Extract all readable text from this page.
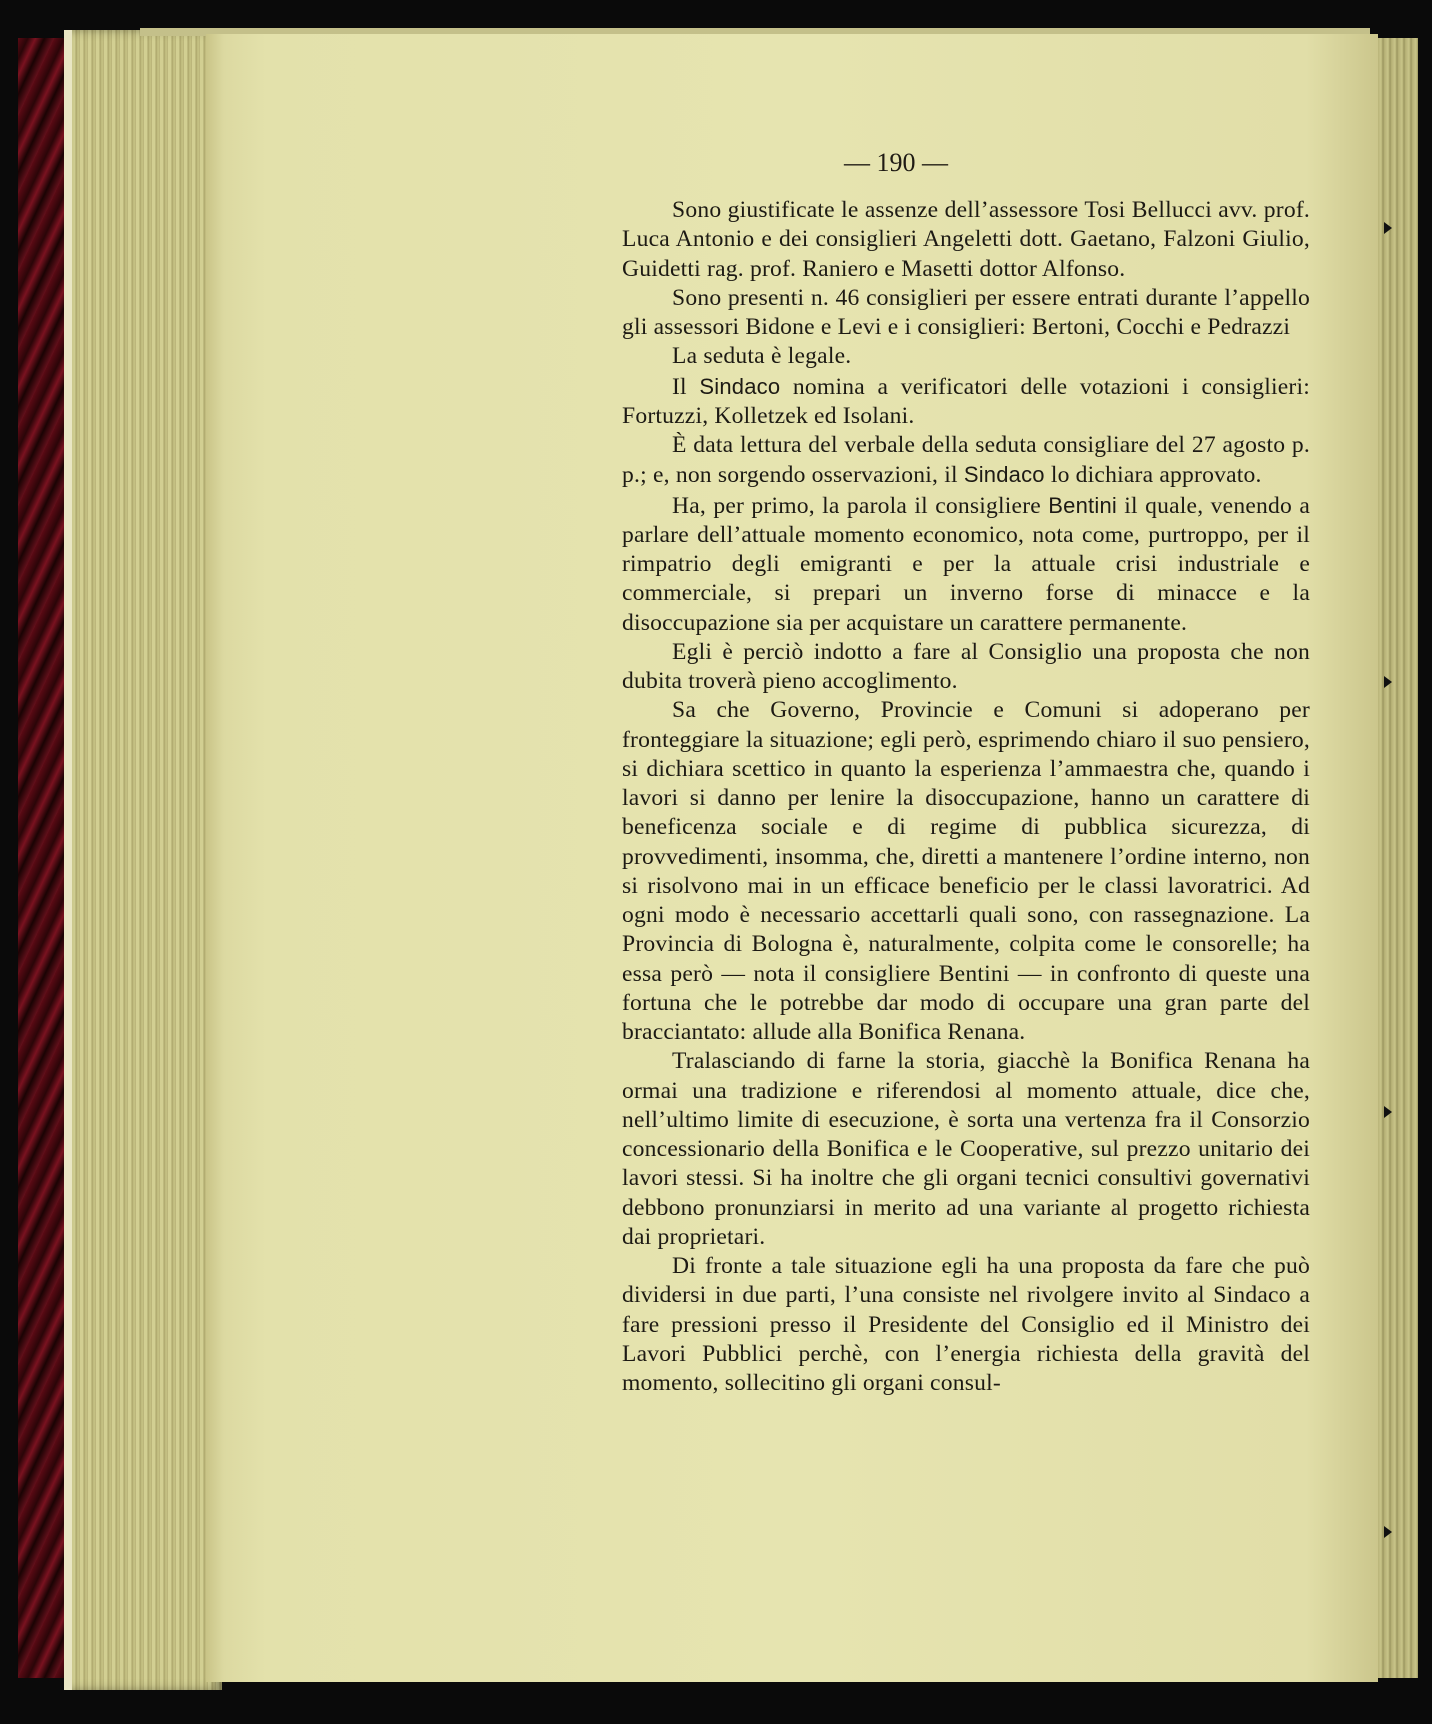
— 190 —

Sono giustificate le assenze dell’assessore Tosi Bellucci avv. prof. Luca Antonio e dei consiglieri Angeletti dott. Gaetano, Falzoni Giulio, Guidetti rag. prof. Raniero e Masetti dottor Alfonso.

Sono presenti n. 46 consiglieri per essere entrati durante l’appello gli assessori Bidone e Levi e i consiglieri: Bertoni, Cocchi e Pedrazzi

La seduta è legale.

Il Sindaco nomina a verificatori delle votazioni i consiglieri: Fortuzzi, Kolletzek ed Isolani.

È data lettura del verbale della seduta consigliare del 27 agosto p. p.; e, non sorgendo osservazioni, il Sindaco lo dichiara approvato.

Ha, per primo, la parola il consigliere Bentini il quale, venendo a parlare dell’attuale momento economico, nota come, purtroppo, per il rimpatrio degli emigranti e per la attuale crisi industriale e commerciale, si prepari un inverno forse di minacce e la disoccupazione sia per acquistare un carattere permanente.

Egli è perciò indotto a fare al Consiglio una proposta che non dubita troverà pieno accoglimento.

Sa che Governo, Provincie e Comuni si adoperano per fronteggiare la situazione; egli però, esprimendo chiaro il suo pensiero, si dichiara scettico in quanto la esperienza l’ammaestra che, quando i lavori si danno per lenire la disoccupazione, hanno un carattere di beneficenza sociale e di regime di pubblica sicurezza, di provvedimenti, insomma, che, diretti a mantenere l’ordine interno, non si risolvono mai in un efficace beneficio per le classi lavoratrici. Ad ogni modo è necessario accettarli quali sono, con rassegnazione. La Provincia di Bologna è, naturalmente, colpita come le consorelle; ha essa però — nota il consigliere Bentini — in confronto di queste una fortuna che le potrebbe dar modo di occupare una gran parte del bracciantato: allude alla Bonifica Renana.

Tralasciando di farne la storia, giacchè la Bonifica Renana ha ormai una tradizione e riferendosi al momento attuale, dice che, nell’ultimo limite di esecuzione, è sorta una vertenza fra il Consorzio concessionario della Bonifica e le Cooperative, sul prezzo unitario dei lavori stessi. Si ha inoltre che gli organi tecnici consultivi governativi debbono pronunziarsi in merito ad una variante al progetto richiesta dai proprietari.

Di fronte a tale situazione egli ha una proposta da fare che può dividersi in due parti, l’una consiste nel rivolgere invito al Sindaco a fare pressioni presso il Presidente del Consiglio ed il Ministro dei Lavori Pubblici perchè, con l’energia richiesta della gravità del momento, sollecitino gli organi consul-
